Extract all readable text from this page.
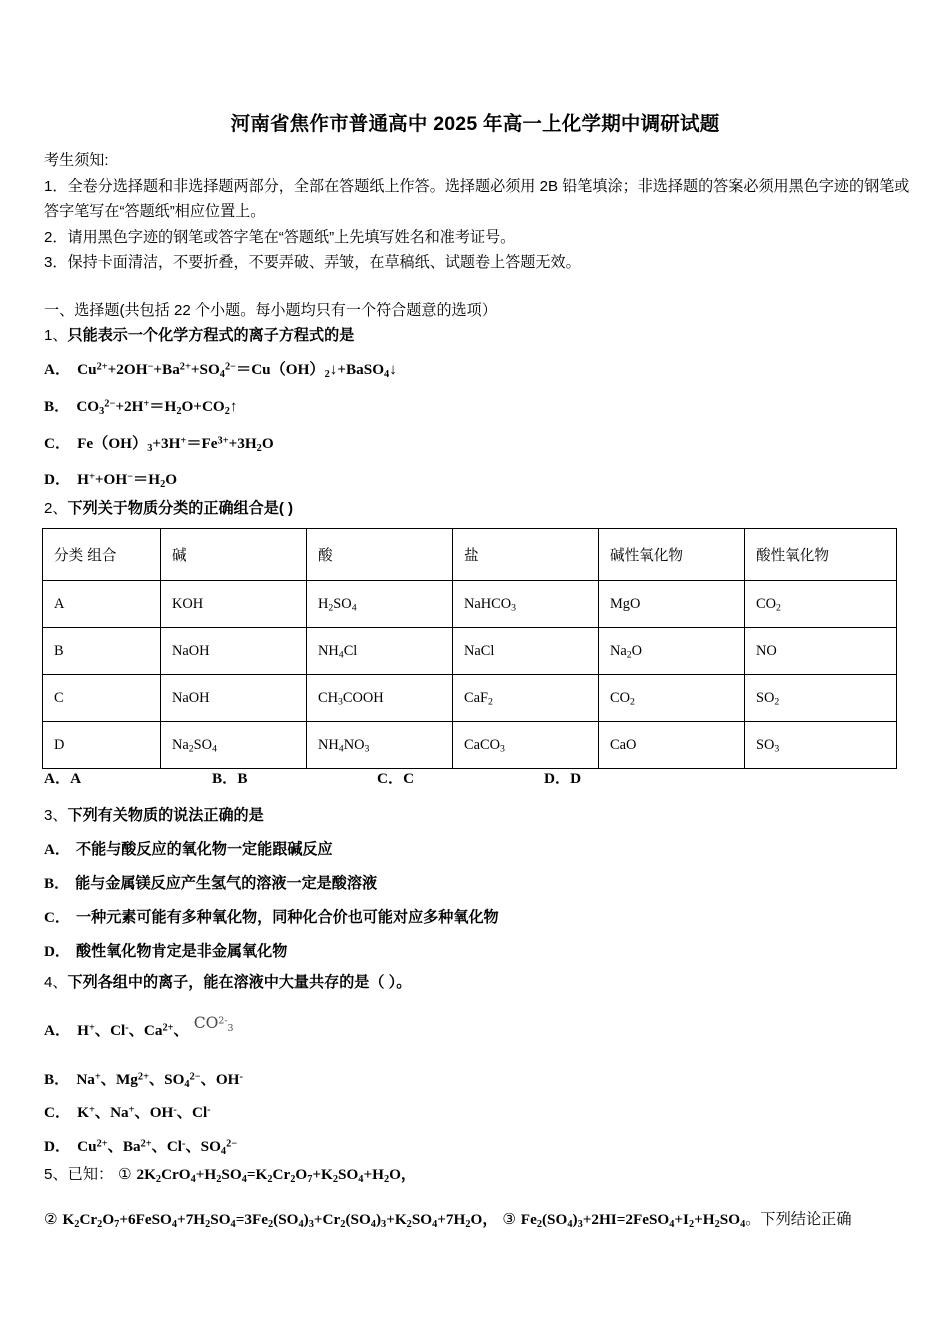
河南省焦作市普通高中 2025 年高一上化学期中调研试题

考生须知:

1．全卷分选择题和非选择题两部分，全部在答题纸上作答。选择题必须用 2B 铅笔填涂；非选择题的答案必须用黑色字迹的钢笔或答字笔写在“答题纸”相应位置上。

2．请用黑色字迹的钢笔或答字笔在“答题纸”上先填写姓名和准考证号。

3．保持卡面清洁，不要折叠，不要弄破、弄皱，在草稿纸、试题卷上答题无效。

一、选择题(共包括 22 个小题。每小题均只有一个符合题意的选项）
1、只能表示一个化学方程式的离子方程式的是
A． $Cu^{2+}+2OH^-+Ba^{2+}+SO_4^{2-}=Cu(OH)_2↓+BaSO_4↓$
B． $CO_3^{2-}+2H^+=H_2O+CO_2↑$
C． $Fe(OH)_3+3H^+=Fe^{3+}+3H_2O$
D． $H^++OH^-=H_2O$
2、下列关于物质分类的正确组合是( )
分类 组合	碱	酸	盐	碱性氧化物	酸性氧化物
A	KOH	$H_2SO_4$	NaHCO$_3$	MgO	$CO_2$
B	NaOH	$NH_4Cl$	NaCl	$Na_2O$	NO
C	NaOH	$CH_3COOH$	CaF$_2$	$CO_2$	$SO_2$
D	$Na_2SO_4$	$NH_4NO_3$	CaCO$_3$	CaO	$SO_3$
A．A	B．B	C．C	D．D
3、下列有关物质的说法正确的是
A． 不能与酸反应的氧化物一定能跟碱反应
B． 能与金属镁反应产生氢气的溶液一定是酸溶液
C． 一种元素可能有多种氧化物，同种化合价也可能对应多种氧化物
D． 酸性氧化物肯定是非金属氧化物
4、下列各组中的离子，能在溶液中大量共存的是（ ）。
A． H+、Cl-、$Ca^{2+}$、 $CO^{2-}_3$
B． Na+、$Mg^{2+}$、$SO_4^{2-}$、OH-
C． K+、Na+、OH-、Cl-
D． $Cu^{2+}$、$Ba^{2+}$、Cl-、$SO_4^{2-}$
5、已知： ① $2K_2CrO_4+H_2SO_4=K_2Cr_2O_7+K_2SO_4+H_2O$，
② $K_2Cr_2O_7+6FeSO_4+7H_2SO_4=3Fe_2(SO_4)_3+Cr_2(SO_4)_3+K_2SO_4+7H_2O$， ③ $Fe_2(SO_4)_3+2HI=2FeSO_4+I_2+H_2SO_4$。下列结论正确
